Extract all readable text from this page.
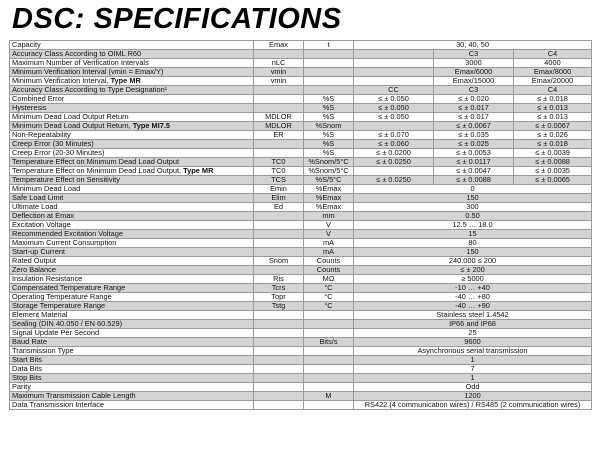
DSC: SPECIFICATIONS
Capacity	Emax	t	30, 40, 50		
Accuracy Class According to OIML R60				C3	C4
Maximum Number of Verification Intervals	nLC			3000	4000
Minimum Verification Interval (vmin = Emax/Y)	vmin			Emax/6000	Emax/8000
Minimum Verification Interval, Type MR	vmin			Emax/15000	Emax/20000
Accuracy Class According to Type Designation¹			CC	C3	C4
Combined Error		%S	≤ ± 0.050	≤ ± 0.020	≤ ± 0.018
Hysteresis		%S	≤ ± 0.050	≤ ± 0.017	≤ ± 0.013
Minimum Dead Load Output Return	MDLOR	%S	≤ ± 0.050	≤ ± 0.017	≤ ± 0.013
Minimum Dead Load Output Return, Type MI7.5	MDLOR	%Snom		≤ ± 0.0067	≤ ± 0.0067
Non-Repeatability	ER	%S	≤ ± 0.070	≤ ± 0.035	≤ ± 0.026
Creep Error (30 Minutes)		%S	≤ ± 0.060	≤ ± 0.025	≤ ± 0.018
Creep Error (20-30 Minutes)		%S	≤ ± 0.0200	≤ ± 0.0053	≤ ± 0.0039
Temperature Effect on Minimum Dead Load Output	TC0	%Snom/5°C	≤ ± 0.0250	≤ ± 0.0117	≤ ± 0.0088
Temperature Effect on Minimum Dead Load Output, Type MR	TC0	%Snom/5°C		≤ ± 0.0047	≤ ± 0.0035
Temperature Effect on Sensitivity	TCS	%S/5°C	≤ ± 0.0250	≤ ± 0.0088	≤ ± 0.0065
Minimum Dead Load	Emin	%Emax	0		
Safe Load Limit	Elim	%Emax	150		
Ultimate Load	Ed	%Emax	300		
Deflection at Emax		mm	0.50		
Excitation Voltage		V	12.5 … 18.0		
Recommended Excitation Voltage		V	15		
Maximum Current Consumption		mA	80		
Start-up Current		mA	150		
Rated Output	Snom	Counts	240.000 ≤ 200		
Zero Balance		Counts	≤ ± 200		
Insulation Resistance	Ris	MΩ	≥ 5000		
Compensated Temperature Range	Tcrs	°C	-10 … +40		
Operating Temperature Range	Topr	°C	-40 … +80		
Storage Temperature Range	Tstg	°C	-40 … +90		
Element Material			Stainless steel 1.4542		
Sealing (DIN 40.050 / EN 60.529)			IP66 and IP68		
Signal Update Per Second			25		
Baud Rate		Bits/s	9600		
Transmission Type			Asynchronous serial transmission		
Start Bits			1		
Data Bits			7		
Stop Bits			1		
Parity			Odd		
Maximum Transmission Cable Length		M	1200		
Data Transmission Interface			RS422 (4 communication wires) / RS485 (2 communication wires)		
